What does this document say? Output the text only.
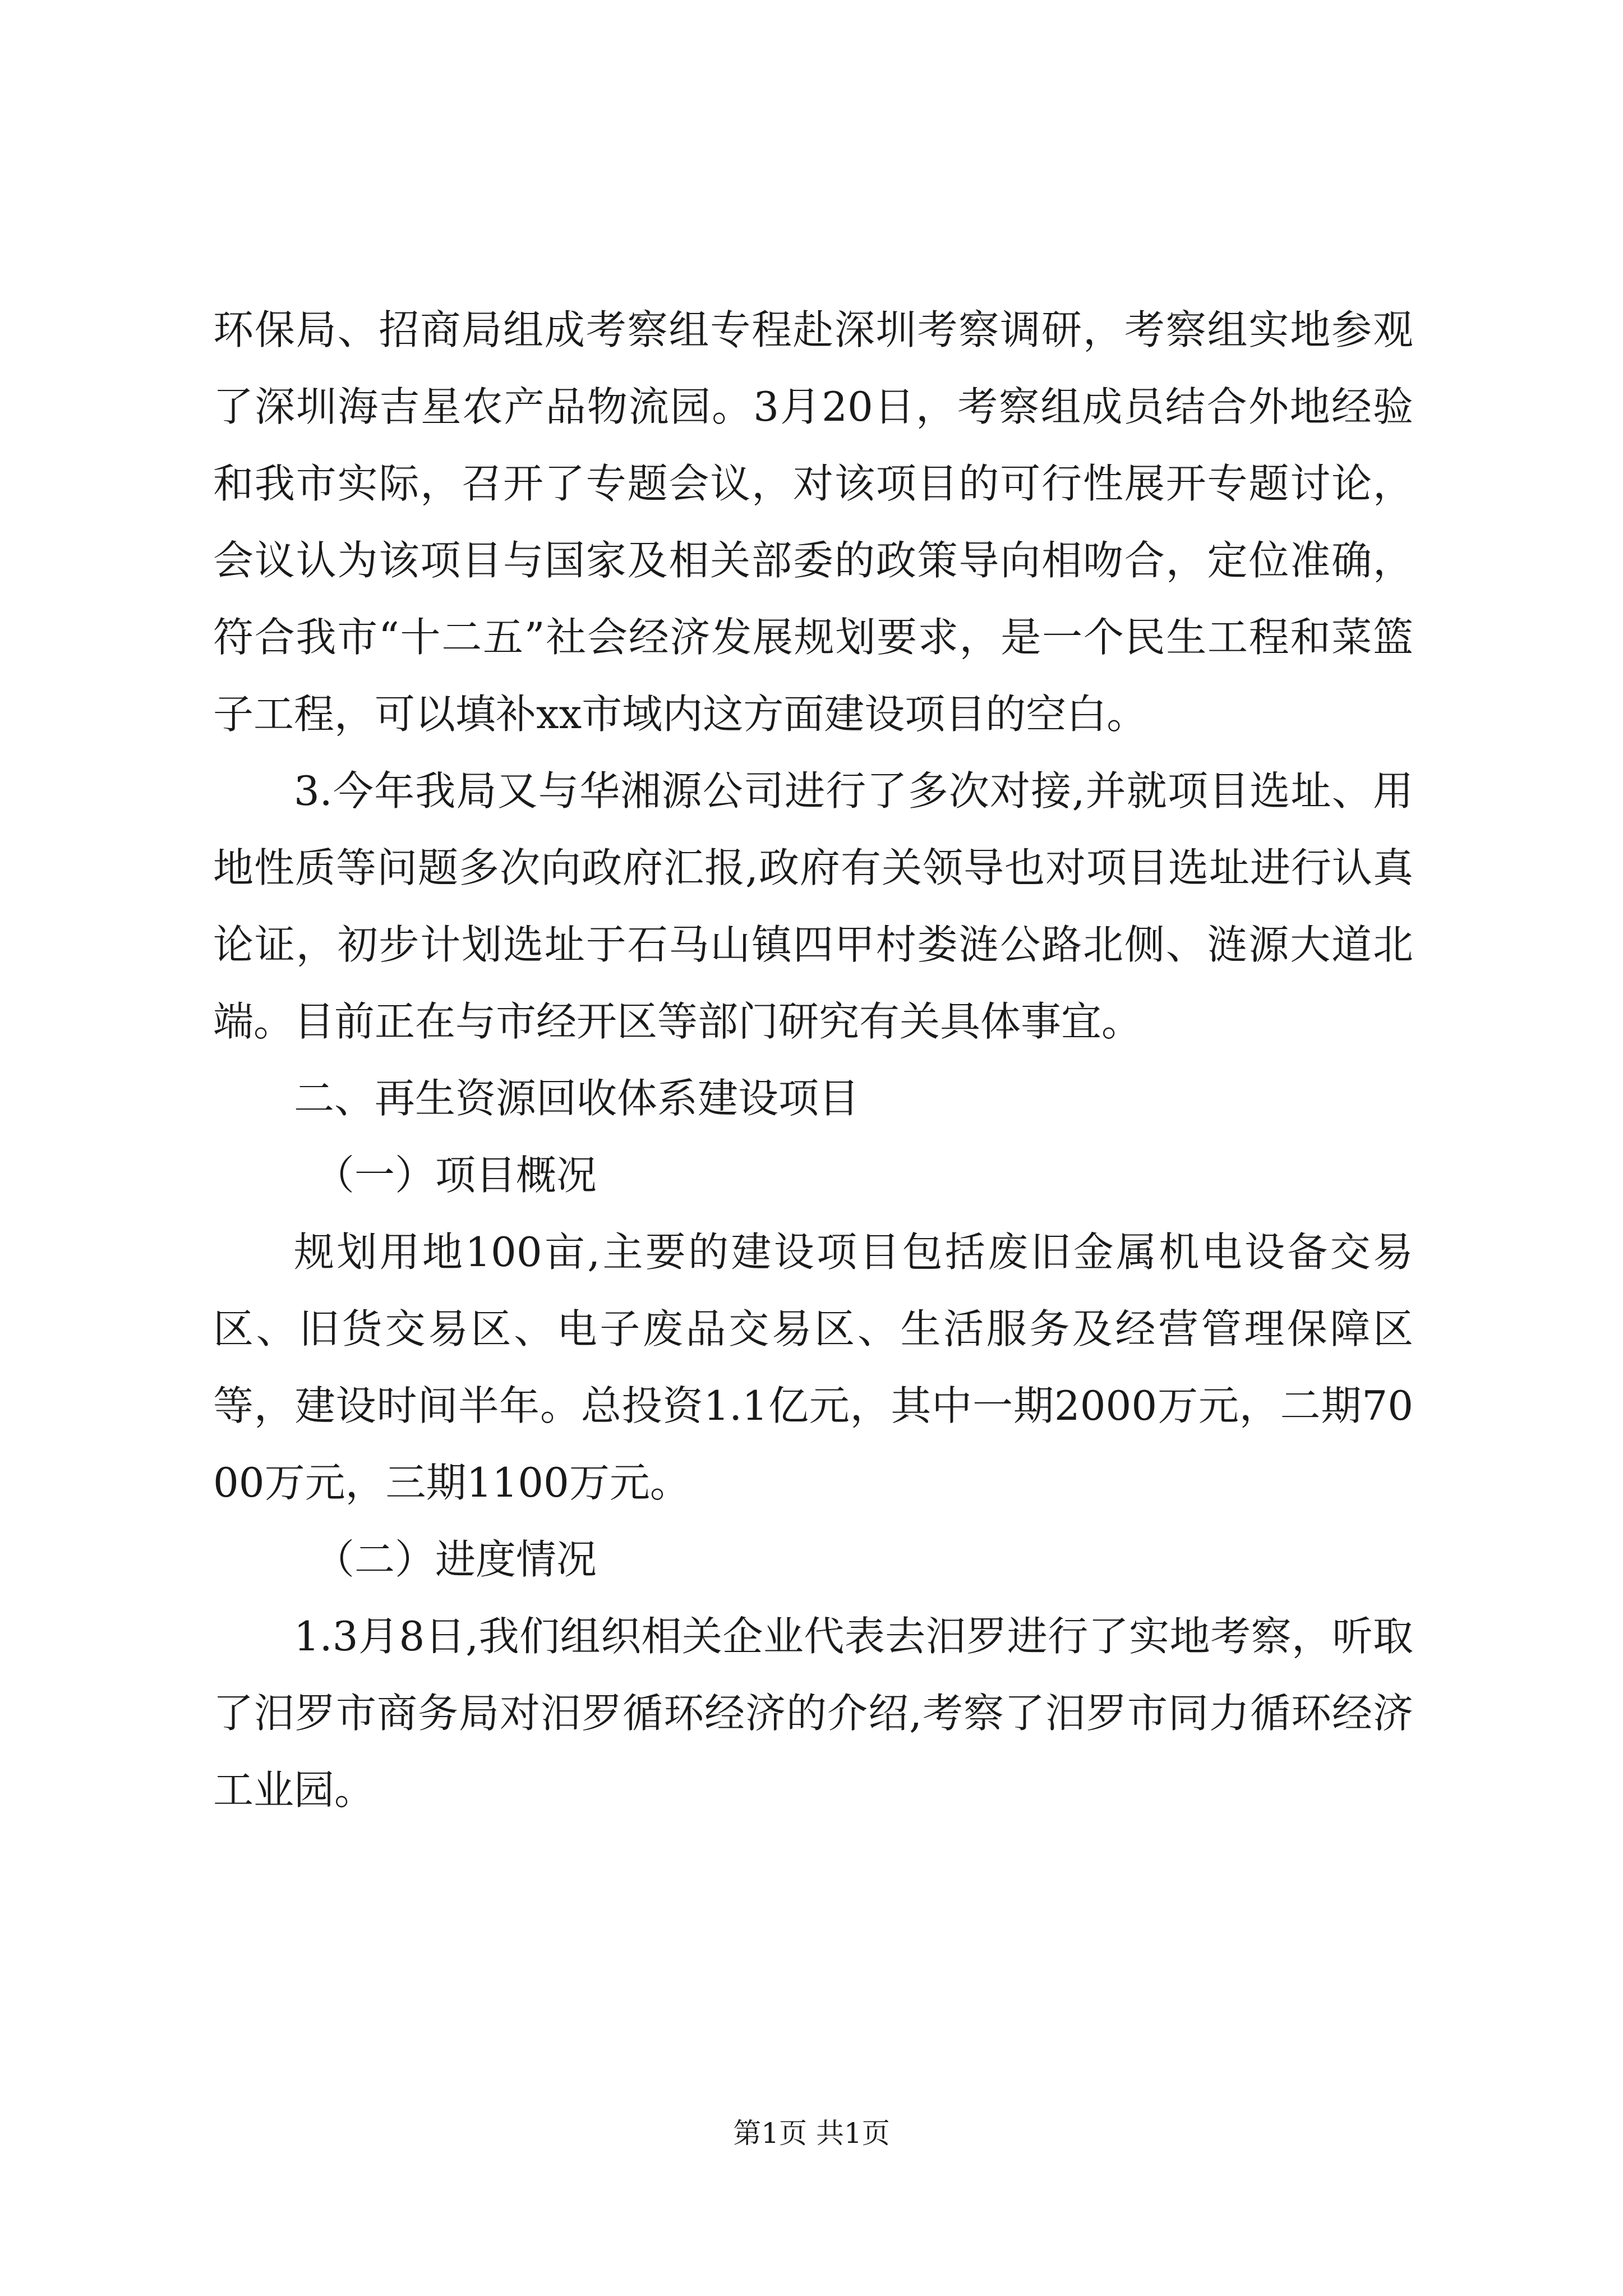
环保局、招商局组成考察组专程赴深圳考察调研，考察组实地参观了深圳海吉星农产品物流园。3月20日，考察组成员结合外地经验和我市实际，召开了专题会议，对该项目的可行性展开专题讨论，会议认为该项目与国家及相关部委的政策导向相吻合，定位准确，符合我市“十二五”社会经济发展规划要求，是一个民生工程和菜篮子工程，可以填补xx市域内这方面建设项目的空白。

3.今年我局又与华湘源公司进行了多次对接,并就项目选址、用地性质等问题多次向政府汇报,政府有关领导也对项目选址进行认真论证，初步计划选址于石马山镇四甲村娄涟公路北侧、涟源大道北端。目前正在与市经开区等部门研究有关具体事宜。

二、再生资源回收体系建设项目

（一）项目概况

规划用地100亩,主要的建设项目包括废旧金属机电设备交易区、旧货交易区、电子废品交易区、生活服务及经营管理保障区等，建设时间半年。总投资1.1亿元，其中一期2000万元，二期7000万元，三期1100万元。

（二）进度情况

1.3月8日,我们组织相关企业代表去汨罗进行了实地考察，听取了汨罗市商务局对汨罗循环经济的介绍,考察了汨罗市同力循环经济工业园。

第1页 共1页
